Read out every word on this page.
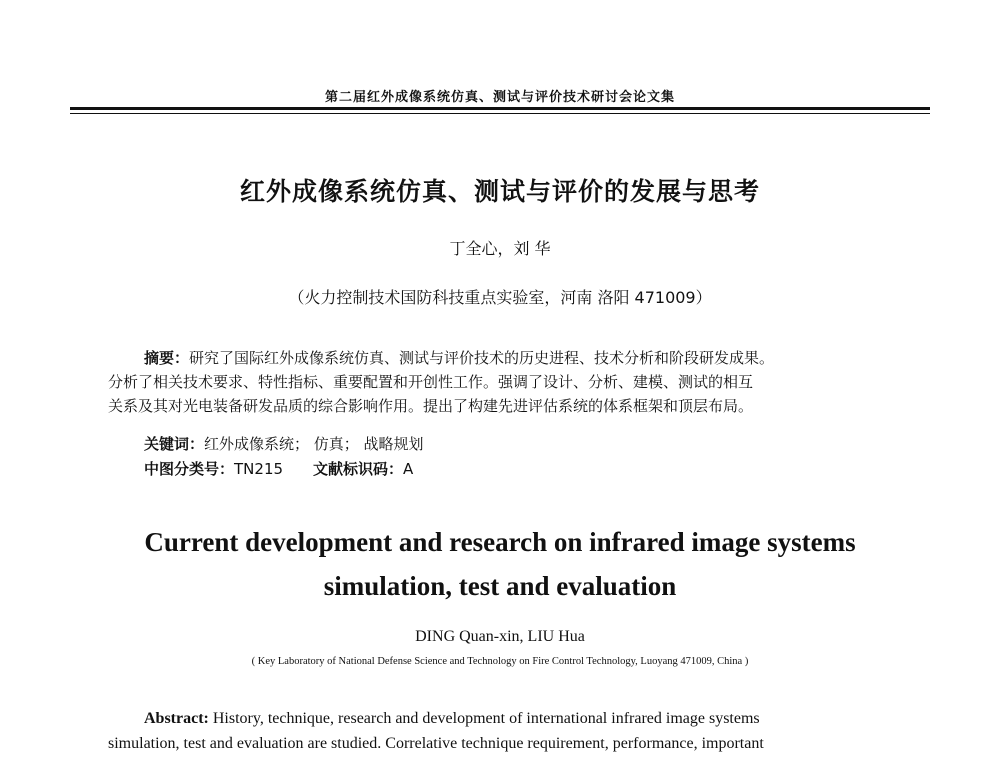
第二届红外成像系统仿真、测试与评价技术研讨会论文集
红外成像系统仿真、测试与评价的发展与思考
丁全心，刘 华
（火力控制技术国防科技重点实验室，河南 洛阳 471009）
摘要：研究了国际红外成像系统仿真、测试与评价技术的历史进程、技术分析和阶段研发成果。
分析了相关技术要求、特性指标、重要配置和开创性工作。强调了设计、分析、建模、测试的相互
关系及其对光电装备研发品质的综合影响作用。提出了构建先进评估系统的体系框架和顶层布局。
关键词：红外成像系统； 仿真； 战略规划
中图分类号：TN215 文献标识码：A
Current development and research on infrared image systems
simulation, test and evaluation
DING Quan-xin, LIU Hua
( Key Laboratory of National Defense Science and Technology on Fire Control Technology, Luoyang 471009, China )
Abstract: History, technique, research and development of international infrared image systems
simulation, test and evaluation are studied. Correlative technique requirement, performance, important
